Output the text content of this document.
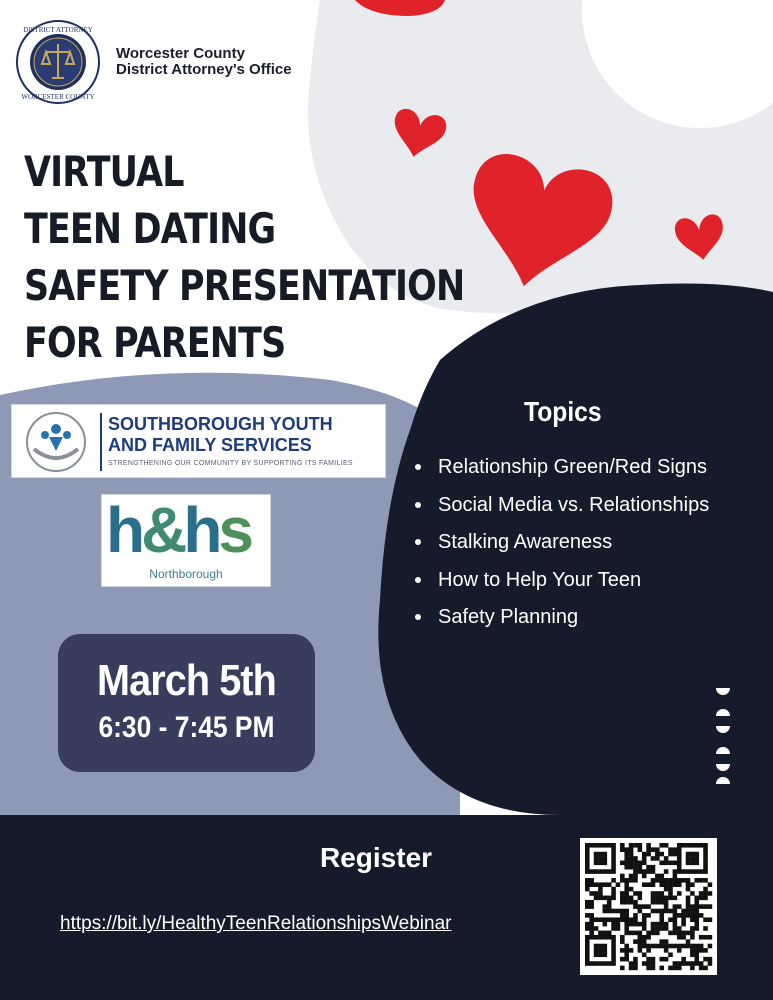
DISTRICT ATTORNEY
WORCESTER COUNTY
Worcester County
District Attorney's Office
VIRTUAL
TEEN DATING
SAFETY PRESENTATION
FOR PARENTS
SOUTHBOROUGH YOUTH
AND FAMILY SERVICES
STRENGTHENING OUR COMMUNITY BY SUPPORTING ITS FAMILIES
h&hs
Northborough
March 5th
6:30 - 7:45 PM
Topics
Relationship Green/Red Signs
Social Media vs. Relationships
Stalking Awareness
How to Help Your Teen
Safety Planning
Register
https://bit.ly/HealthyTeenRelationshipsWebinar
